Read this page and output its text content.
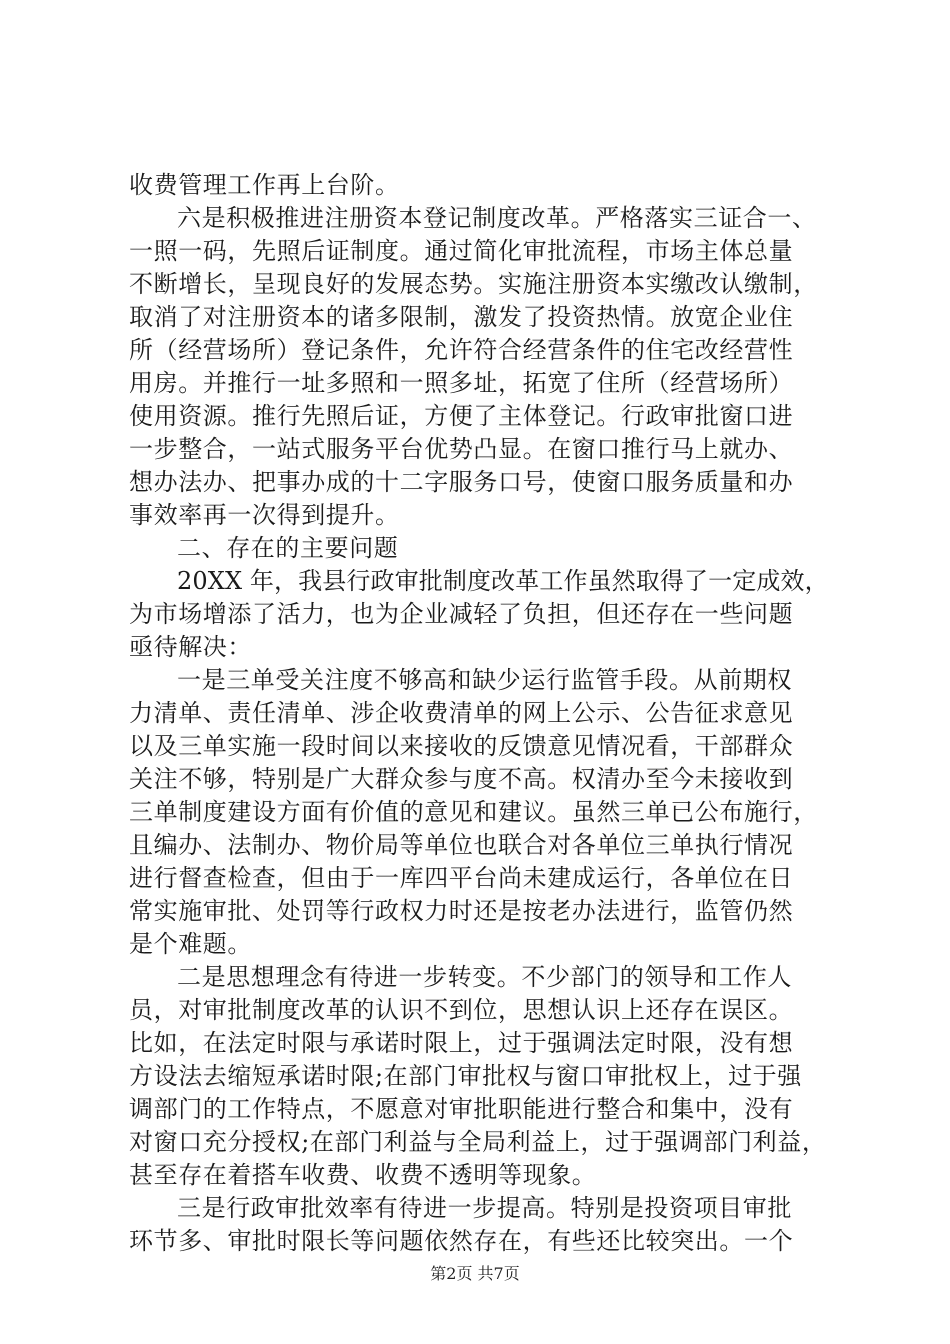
收费管理工作再上台阶。
六是积极推进注册资本登记制度改革。严格落实三证合一、
一照一码，先照后证制度。通过简化审批流程，市场主体总量
不断增长，呈现良好的发展态势。实施注册资本实缴改认缴制，
取消了对注册资本的诸多限制，激发了投资热情。放宽企业住
所（经营场所）登记条件，允许符合经营条件的住宅改经营性
用房。并推行一址多照和一照多址，拓宽了住所（经营场所）
使用资源。推行先照后证，方便了主体登记。行政审批窗口进
一步整合，一站式服务平台优势凸显。在窗口推行马上就办、
想办法办、把事办成的十二字服务口号，使窗口服务质量和办
事效率再一次得到提升。
二、存在的主要问题
20XX 年，我县行政审批制度改革工作虽然取得了一定成效，
为市场增添了活力，也为企业减轻了负担，但还存在一些问题
亟待解决：
一是三单受关注度不够高和缺少运行监管手段。从前期权
力清单、责任清单、涉企收费清单的网上公示、公告征求意见
以及三单实施一段时间以来接收的反馈意见情况看，干部群众
关注不够，特别是广大群众参与度不高。权清办至今未接收到
三单制度建设方面有价值的意见和建议。虽然三单已公布施行，
且编办、法制办、物价局等单位也联合对各单位三单执行情况
进行督查检查，但由于一库四平台尚未建成运行，各单位在日
常实施审批、处罚等行政权力时还是按老办法进行，监管仍然
是个难题。
二是思想理念有待进一步转变。不少部门的领导和工作人
员，对审批制度改革的认识不到位，思想认识上还存在误区。
比如，在法定时限与承诺时限上，过于强调法定时限，没有想
方设法去缩短承诺时限;在部门审批权与窗口审批权上，过于强
调部门的工作特点，不愿意对审批职能进行整合和集中，没有
对窗口充分授权;在部门利益与全局利益上，过于强调部门利益，
甚至存在着搭车收费、收费不透明等现象。
三是行政审批效率有待进一步提高。特别是投资项目审批
环节多、审批时限长等问题依然存在，有些还比较突出。一个
第2页 共7页
